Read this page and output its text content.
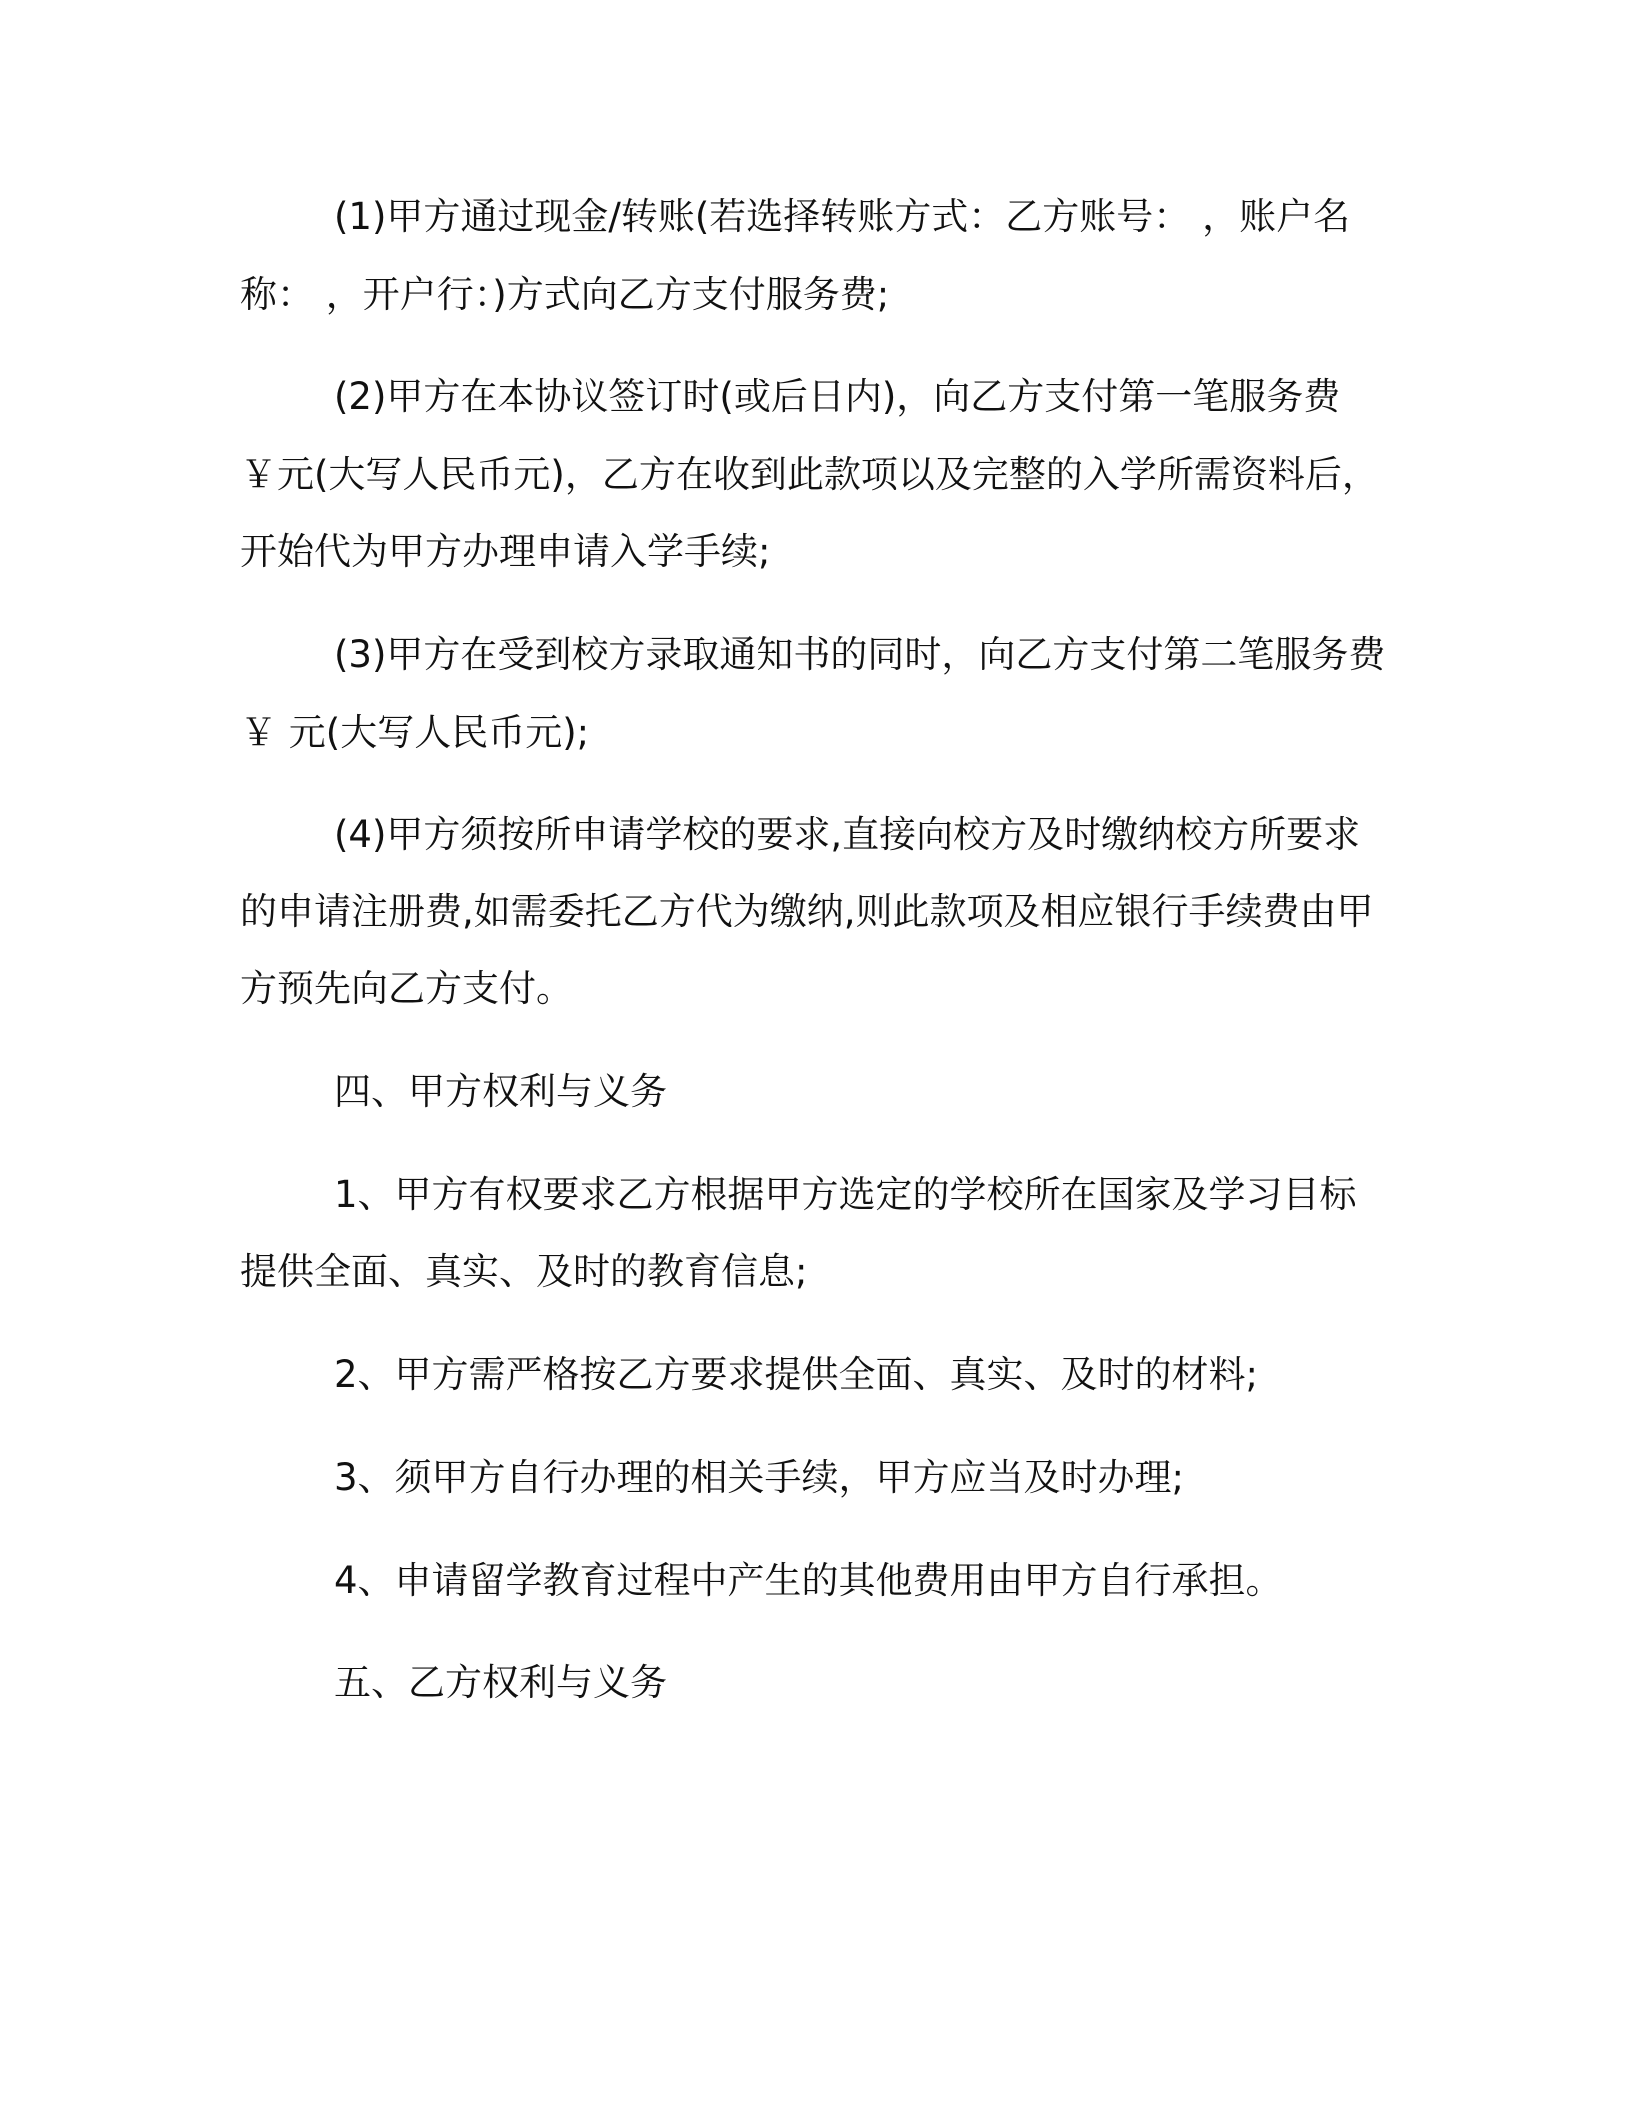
(1)甲方通过现金/转账(若选择转账方式：乙方账号： ，账户名

称： ，开户行：)方式向乙方支付服务费;

(2)甲方在本协议签订时(或后日内)，向乙方支付第一笔服务费

￥元(大写人民币元)，乙方在收到此款项以及完整的入学所需资料后，

开始代为甲方办理申请入学手续;

(3)甲方在受到校方录取通知书的同时，向乙方支付第二笔服务费

￥ 元(大写人民币元);

(4)甲方须按所申请学校的要求,直接向校方及时缴纳校方所要求

的申请注册费,如需委托乙方代为缴纳,则此款项及相应银行手续费由甲

方预先向乙方支付。

四、甲方权利与义务

1、甲方有权要求乙方根据甲方选定的学校所在国家及学习目标

提供全面、真实、及时的教育信息;

2、甲方需严格按乙方要求提供全面、真实、及时的材料;

3、须甲方自行办理的相关手续，甲方应当及时办理;

4、申请留学教育过程中产生的其他费用由甲方自行承担。

五、乙方权利与义务
